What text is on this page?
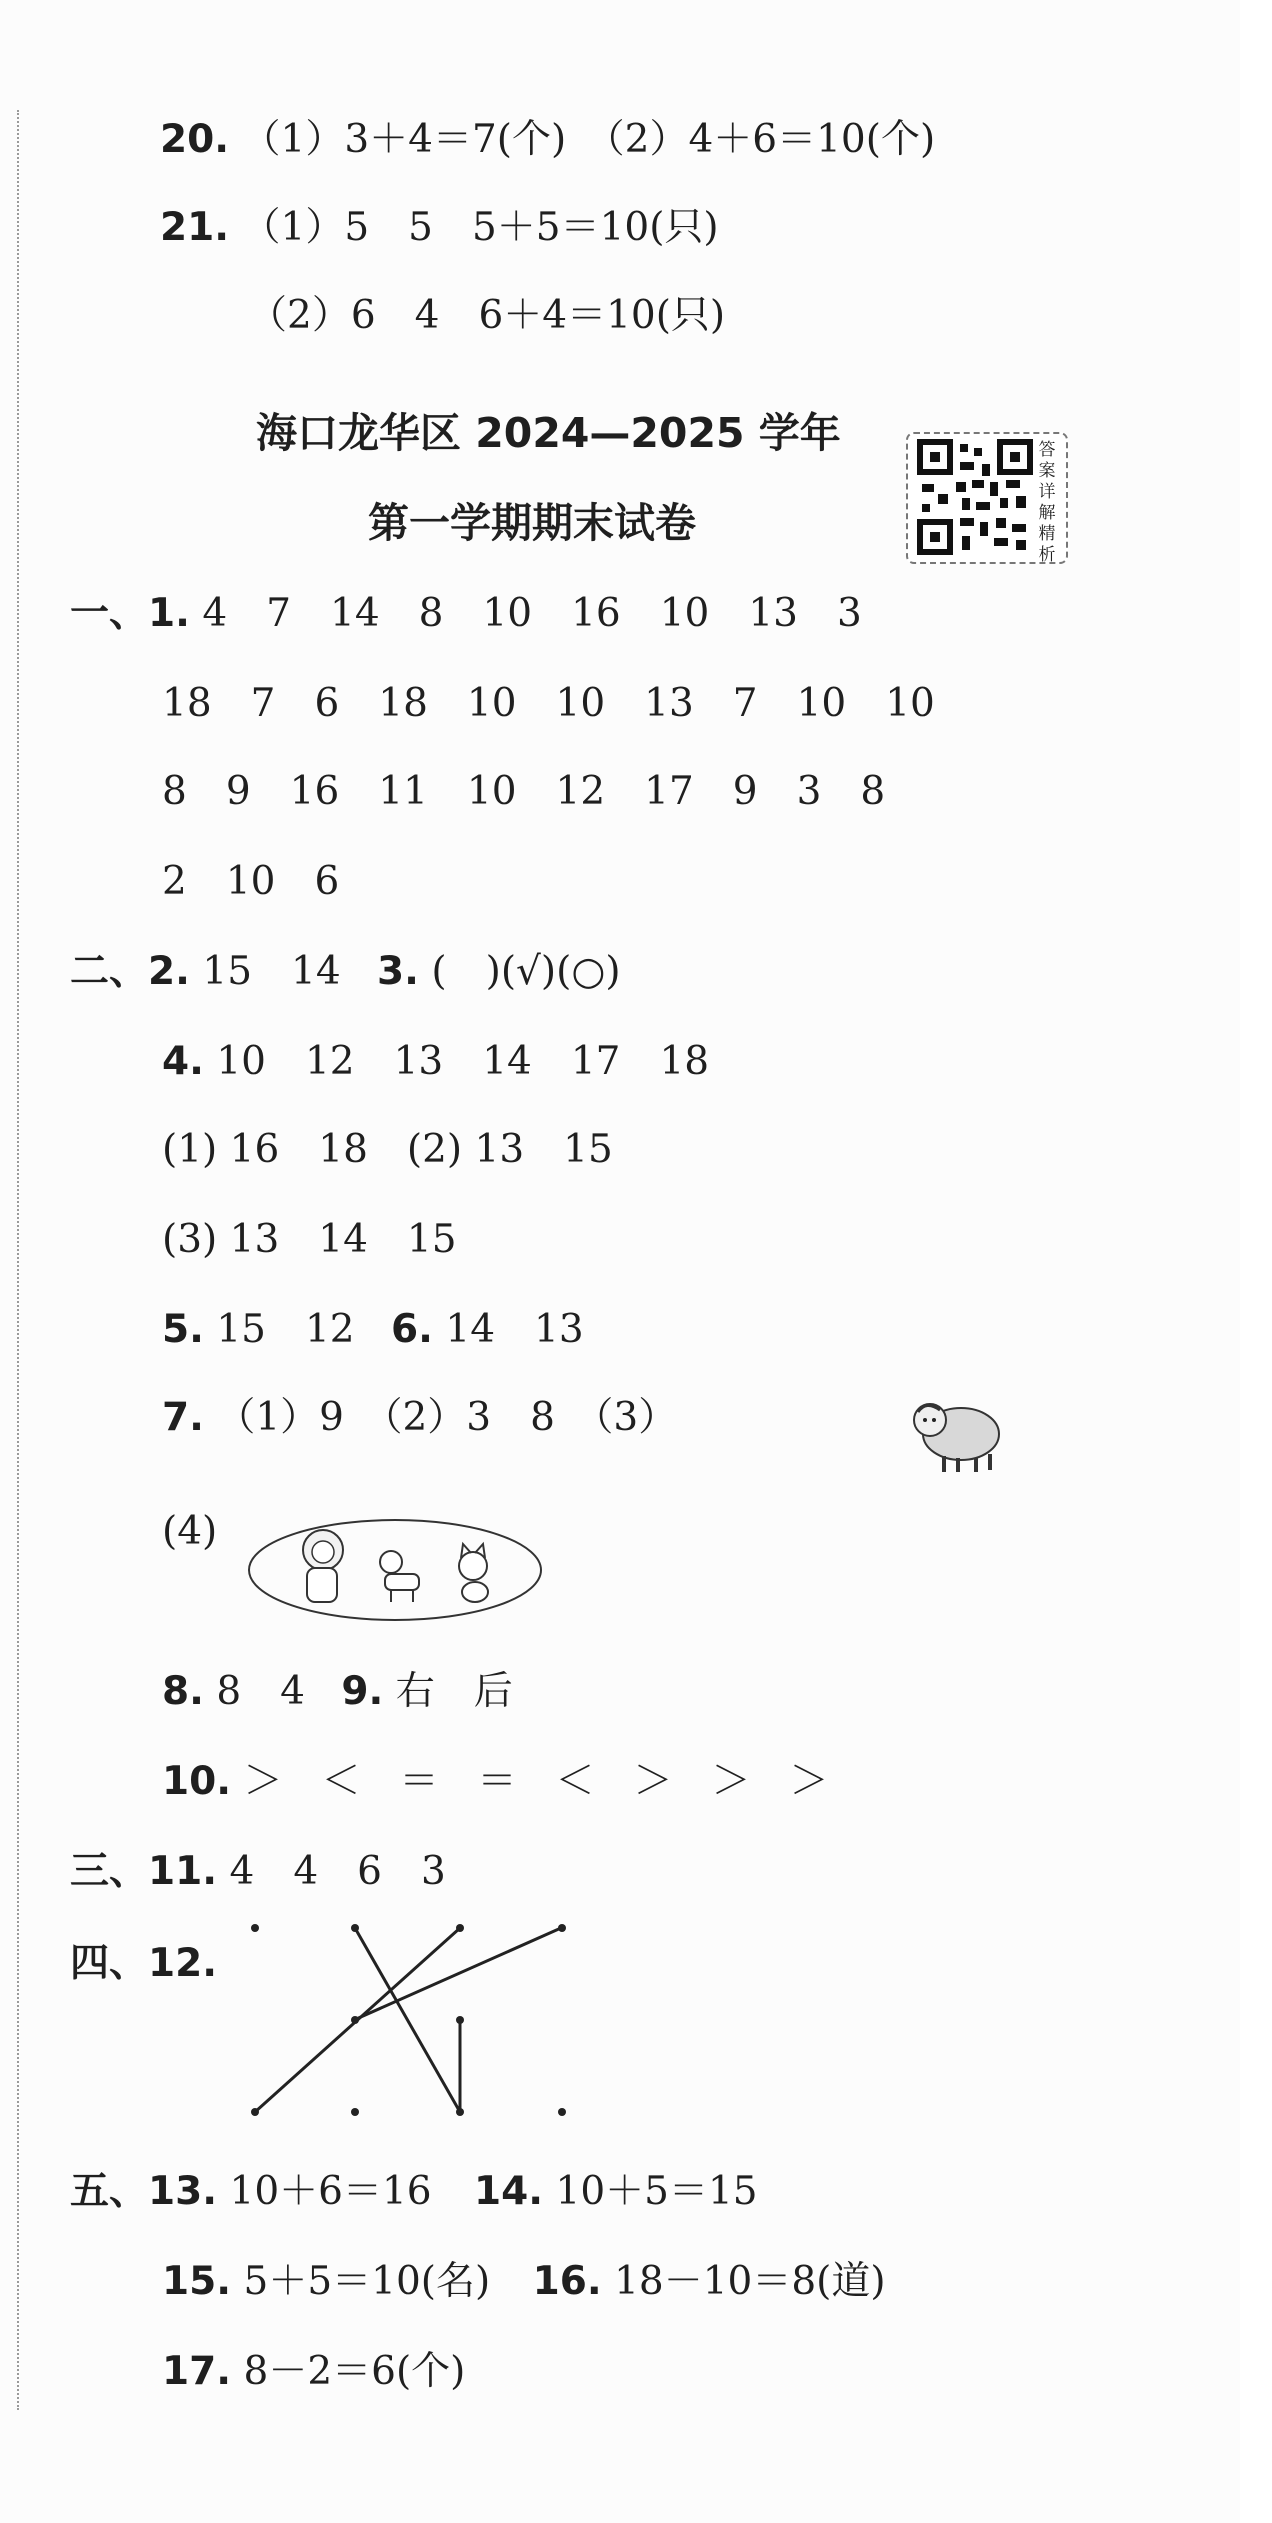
20. （1）3＋4＝7(个)　（2）4＋6＝10(个)
21. （1）5　5　5＋5＝10(只)
（2）6　4　6＋4＝10(只)
海口龙华区 2024—2025 学年
第一学期期末试卷
答
案
详
解
精
析
一、1. 4　7　14　8　10　16　10　13　3
18　7　6　18　10　10　13　7　10　10
8　9　16　11　10　12　17　9　3　8
2　10　6
二、2. 15　14 3. (　)(√)(○)
4. 10　12　13　14　17　18
(1) 16　18　(2) 13　15
(3) 13　14　15
5. 15　12 6. 14　13
7. （1）9　（2）3　8　（3）
(4)
8. 8　4 9. 右　后
10. ＞　＜　＝　＝　＜　＞　＞　＞
三、11. 4　4　6　3
四、12.
五、13. 10＋6＝16 14. 10＋5＝15
15. 5＋5＝10(名) 16. 18－10＝8(道)
17. 8－2＝6(个)
